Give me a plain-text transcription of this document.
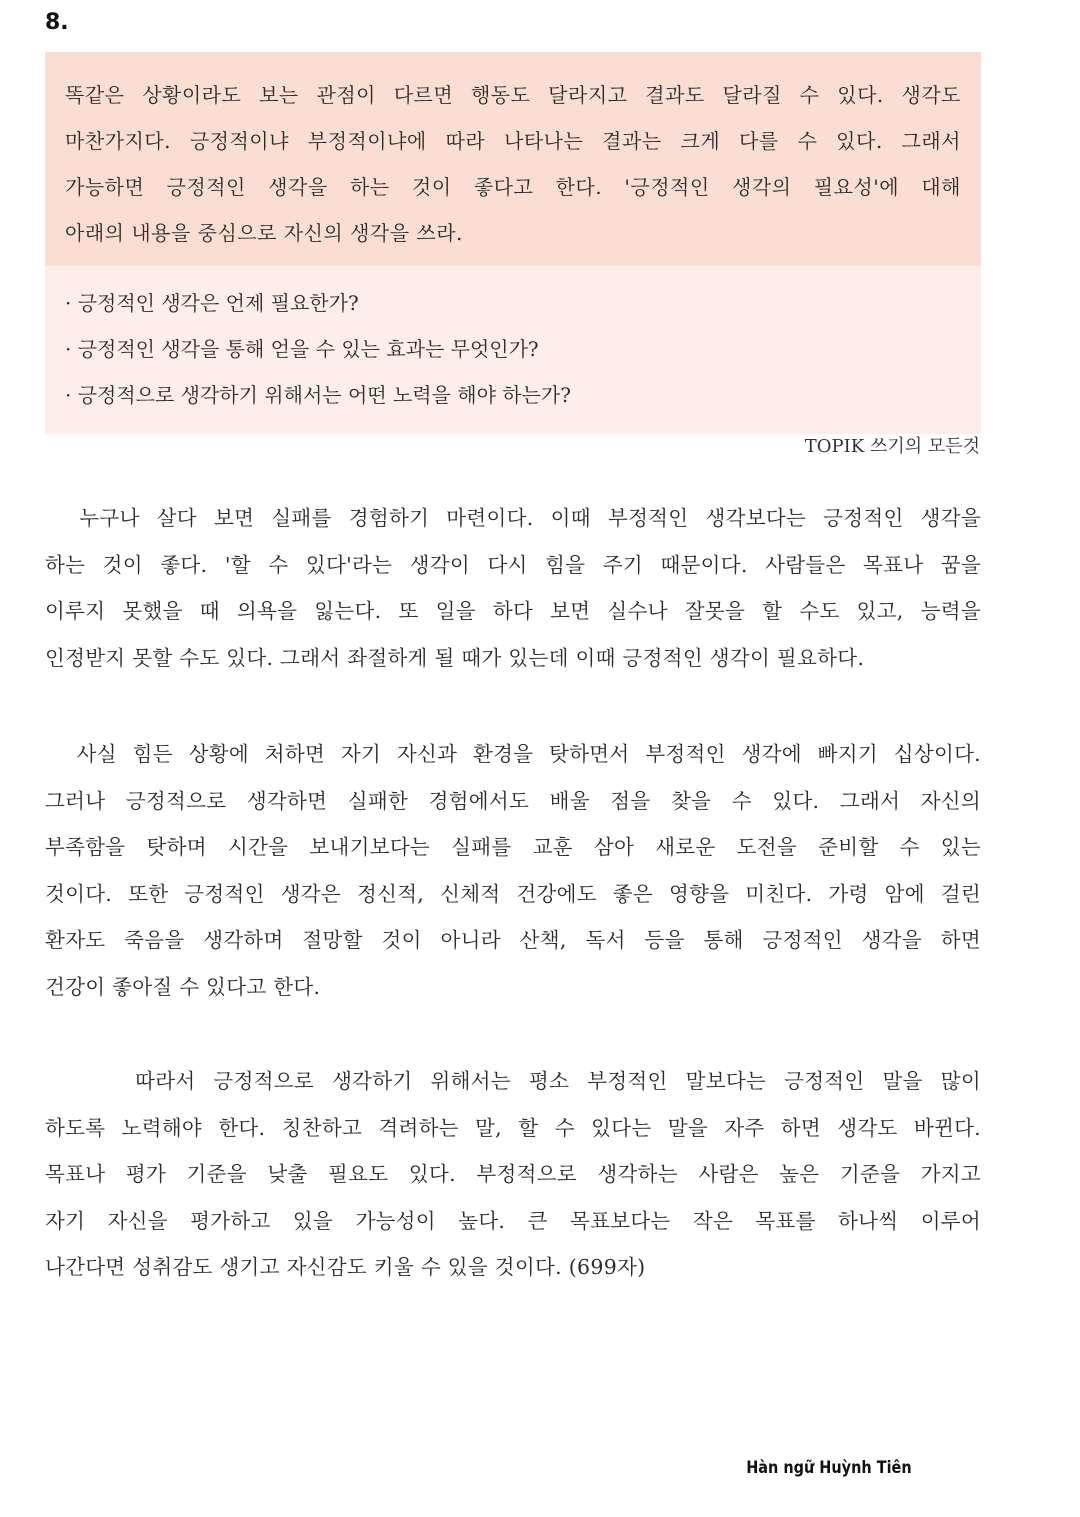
8.
똑같은 상황이라도 보는 관점이 다르면 행동도 달라지고 결과도 달라질 수 있다. 생각도
마찬가지다. 긍정적이냐 부정적이냐에 따라 나타나는 결과는 크게 다를 수 있다. 그래서
가능하면 긍정적인 생각을 하는 것이 좋다고 한다. '긍정적인 생각의 필요성'에 대해
아래의 내용을 중심으로 자신의 생각을 쓰라.
· 긍정적인 생각은 언제 필요한가?
· 긍정적인 생각을 통해 얻을 수 있는 효과는 무엇인가?
· 긍정적으로 생각하기 위해서는 어떤 노력을 해야 하는가?
TOPIK 쓰기의 모든것
누구나 살다 보면 실패를 경험하기 마련이다. 이때 부정적인 생각보다는 긍정적인 생각을
하는 것이 좋다. '할 수 있다'라는 생각이 다시 힘을 주기 때문이다. 사람들은 목표나 꿈을
이루지 못했을 때 의욕을 잃는다. 또 일을 하다 보면 실수나 잘못을 할 수도 있고, 능력을
인정받지 못할 수도 있다. 그래서 좌절하게 될 때가 있는데 이때 긍정적인 생각이 필요하다.
사실 힘든 상황에 처하면 자기 자신과 환경을 탓하면서 부정적인 생각에 빠지기 십상이다.
그러나 긍정적으로 생각하면 실패한 경험에서도 배울 점을 찾을 수 있다. 그래서 자신의
부족함을 탓하며 시간을 보내기보다는 실패를 교훈 삼아 새로운 도전을 준비할 수 있는
것이다. 또한 긍정적인 생각은 정신적, 신체적 건강에도 좋은 영향을 미친다. 가령 암에 걸린
환자도 죽음을 생각하며 절망할 것이 아니라 산책, 독서 등을 통해 긍정적인 생각을 하면
건강이 좋아질 수 있다고 한다.
따라서 긍정적으로 생각하기 위해서는 평소 부정적인 말보다는 긍정적인 말을 많이
하도록 노력해야 한다. 칭찬하고 격려하는 말, 할 수 있다는 말을 자주 하면 생각도 바뀐다.
목표나 평가 기준을 낮출 필요도 있다. 부정적으로 생각하는 사람은 높은 기준을 가지고
자기 자신을 평가하고 있을 가능성이 높다. 큰 목표보다는 작은 목표를 하나씩 이루어
나간다면 성취감도 생기고 자신감도 키울 수 있을 것이다. (699자)
Hàn ngữ Huỳnh Tiên
